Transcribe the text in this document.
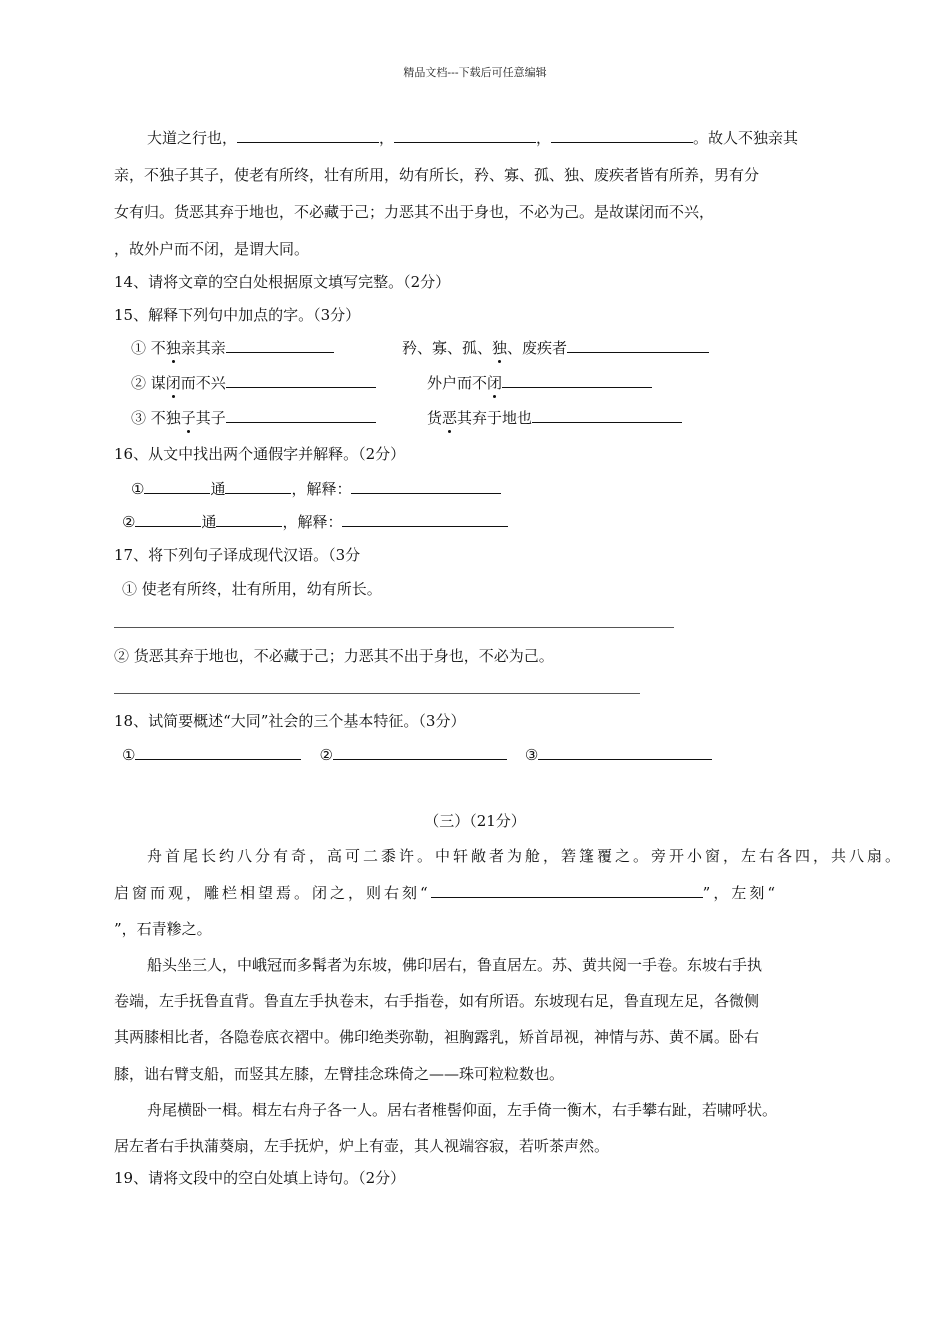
精品文档---下载后可任意编辑
大道之行也，	，	，	。故人不独亲其
亲，不独子其子，使老有所终，壮有所用，幼有所长，矜、寡、孤、独、废疾者皆有所养，男有分
女有归。货恶其弃于地也，不必藏于己；力恶其不出于身也，不必为己。是故谋闭而不兴，
，故外户而不闭，是谓大同。
14、请将文章的空白处根据原文填写完整。（2分）
15、解释下列句中加点的字。（3分）
① 不独亲其亲	矜、寡、孤、独、废疾者
② 谋闭而不兴	外户而不闭
③ 不独子其子	货恶其弃于地也
16、从文中找出两个通假字并解释。（2分）
①	通	，解释：
②	通	，解释：
17、将下列句子译成现代汉语。（3分
① 使老有所终，壮有所用，幼有所长。
② 货恶其弃于地也，不必藏于己；力恶其不出于身也，不必为己。
18、试简要概述“大同”社会的三个基本特征。（3分）
①	②	③
（三）（21分）
舟首尾长约八分有奇，高可二黍许。中轩敞者为舱，箬篷覆之。旁开小窗，左右各四，共八扇。
启窗而观，雕栏相望焉。闭之，则右刻“	”，左刻“
”，石青糁之。
船头坐三人，中峨冠而多髯者为东坡，佛印居右，鲁直居左。苏、黄共阅一手卷。东坡右手执
卷端，左手抚鲁直背。鲁直左手执卷末，右手指卷，如有所语。东坡现右足，鲁直现左足，各微侧
其两膝相比者，各隐卷底衣褶中。佛印绝类弥勒，袒胸露乳，矫首昂视，神情与苏、黄不属。卧右
膝，诎右臂支船，而竖其左膝，左臂挂念珠倚之——珠可粒粒数也。
舟尾横卧一楫。楫左右舟子各一人。居右者椎髻仰面，左手倚一衡木，右手攀右趾，若啸呼状。
居左者右手执蒲葵扇，左手抚炉，炉上有壶，其人视端容寂，若听茶声然。
19、请将文段中的空白处填上诗句。（2分）
